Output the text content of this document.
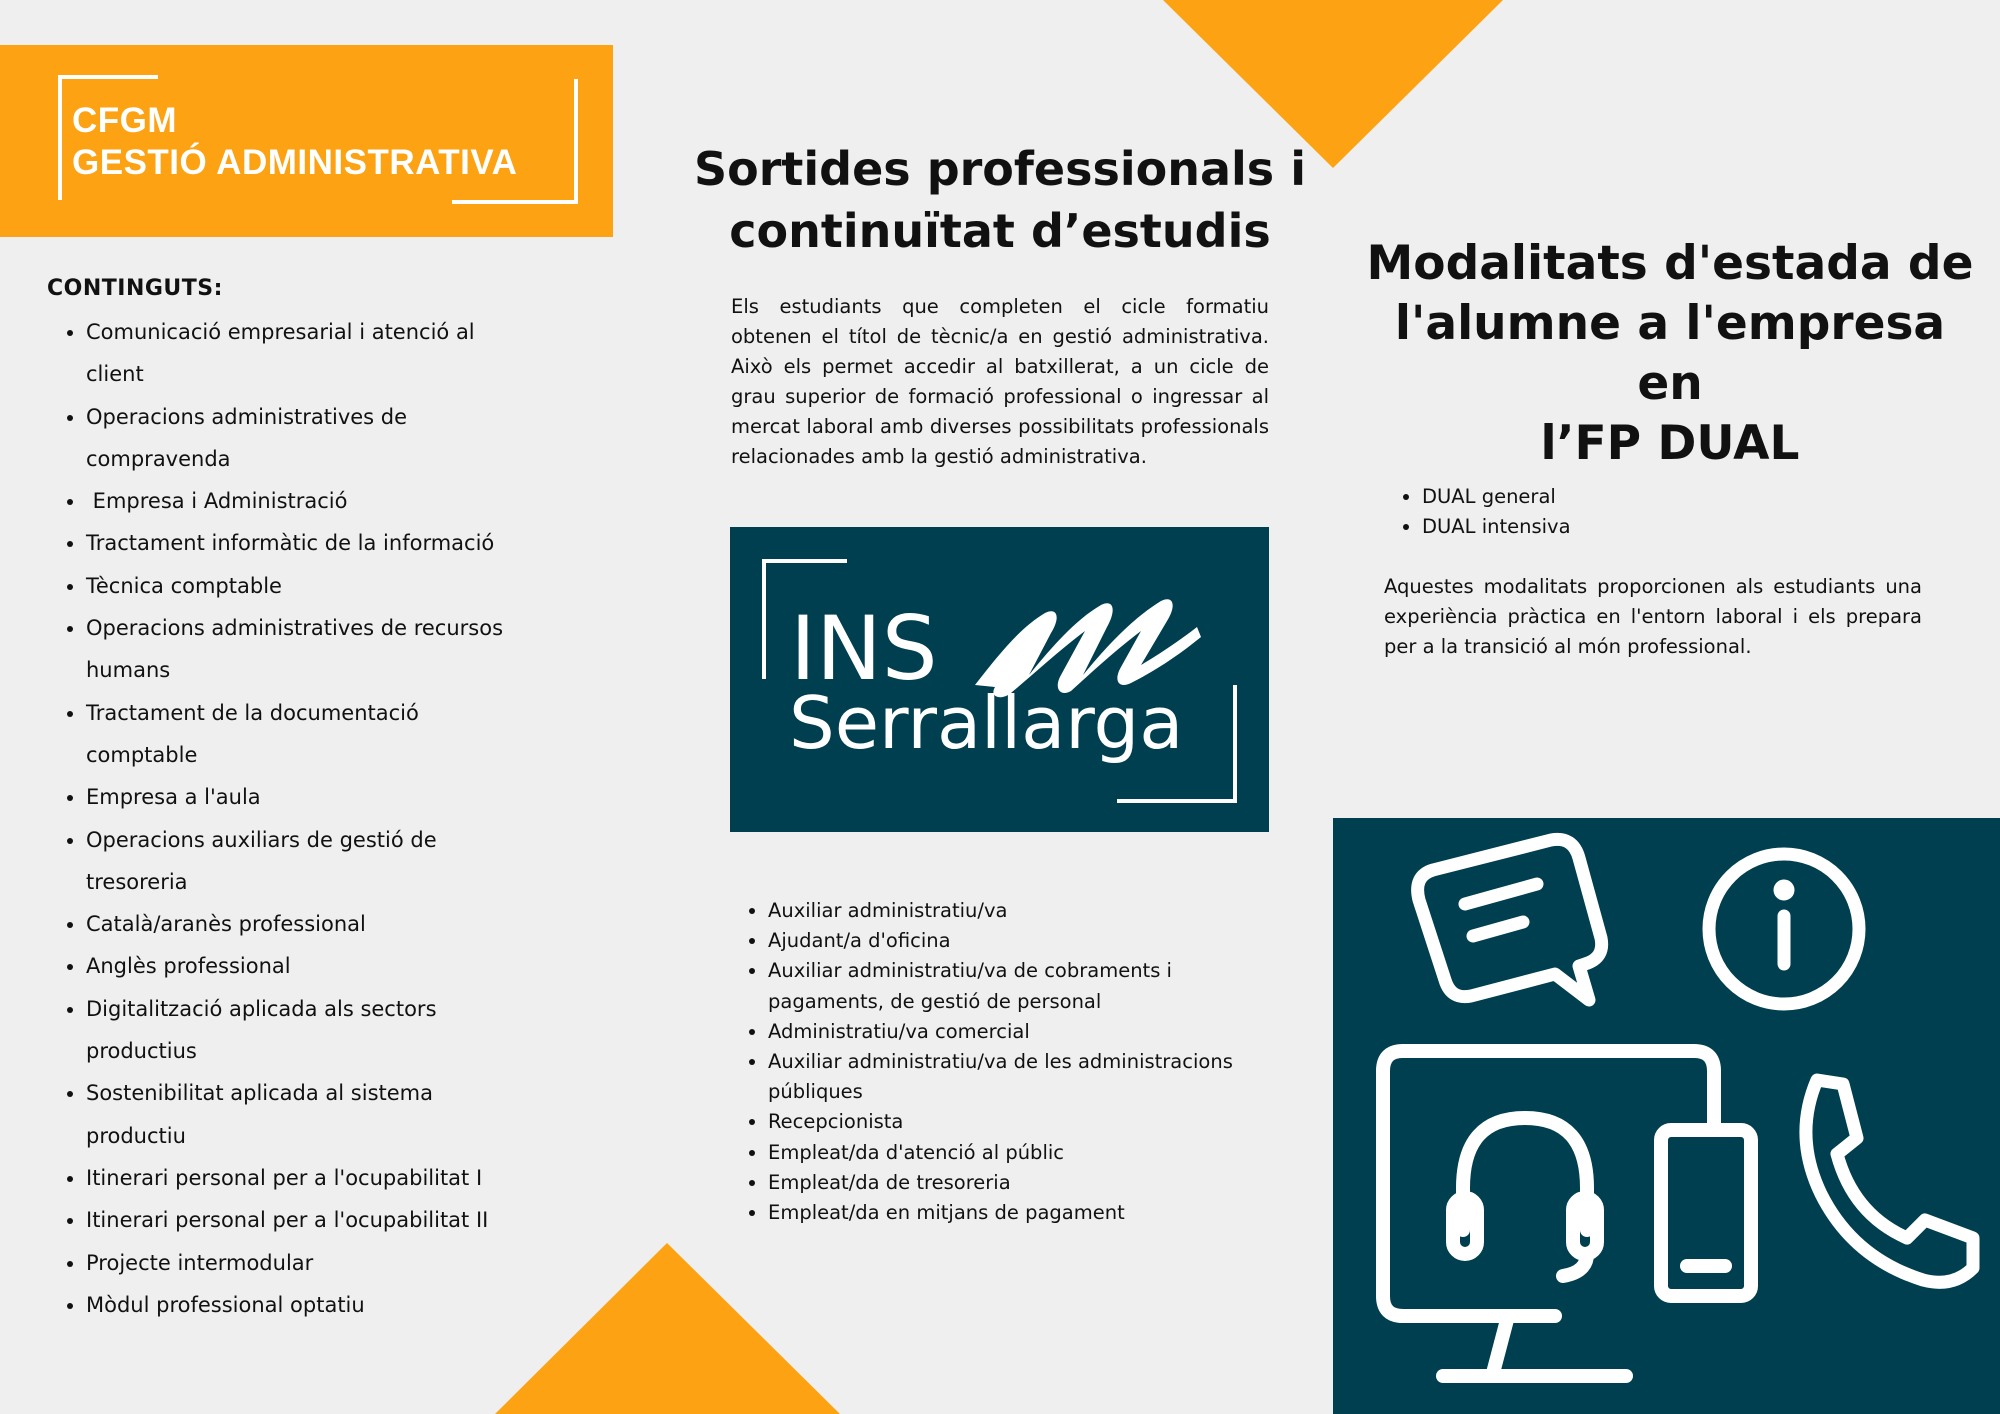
CFGM
GESTIÓ ADMINISTRATIVA
CONTINGUTS:
• Comunicació empresarial i atenció al client
• Operacions administratives de compravenda
•  Empresa i Administració
• Tractament informàtic de la informació
• Tècnica comptable
• Operacions administratives de recursos humans
• Tractament de la documentació comptable
• Empresa a l'aula
• Operacions auxiliars de gestió de tresoreria
• Català/aranès professional
• Anglès professional
• Digitalització aplicada als sectors productius
• Sostenibilitat aplicada al sistema productiu
• Itinerari personal per a l'ocupabilitat I
• Itinerari personal per a l'ocupabilitat II
• Projecte intermodular
• Mòdul professional optatiu
Sortides professionals i
continuïtat d’estudis

Els estudiants que completen el cicle formatiu obtenen el títol de tècnic/a en gestió administrativa. Això els permet accedir al batxillerat, a un cicle de grau superior de formació professional o ingressar al mercat laboral amb diverses possibilitats professionals relacionades amb la gestió administrativa.

INS
Serrallarga
• Auxiliar administratiu/va
• Ajudant/a d'oficina
• Auxiliar administratiu/va de cobraments i pagaments, de gestió de personal
• Administratiu/va comercial
• Auxiliar administratiu/va de les administracions públiques
• Recepcionista
• Empleat/da d'atenció al públic
• Empleat/da de tresoreria
• Empleat/da en mitjans de pagament
Modalitats d'estada de
l'alumne a l'empresa en
l’FP DUAL
• DUAL general
• DUAL intensiva

Aquestes modalitats proporcionen als estudiants una experiència pràctica en l'entorn laboral i els prepara per a la transició al món professional.
